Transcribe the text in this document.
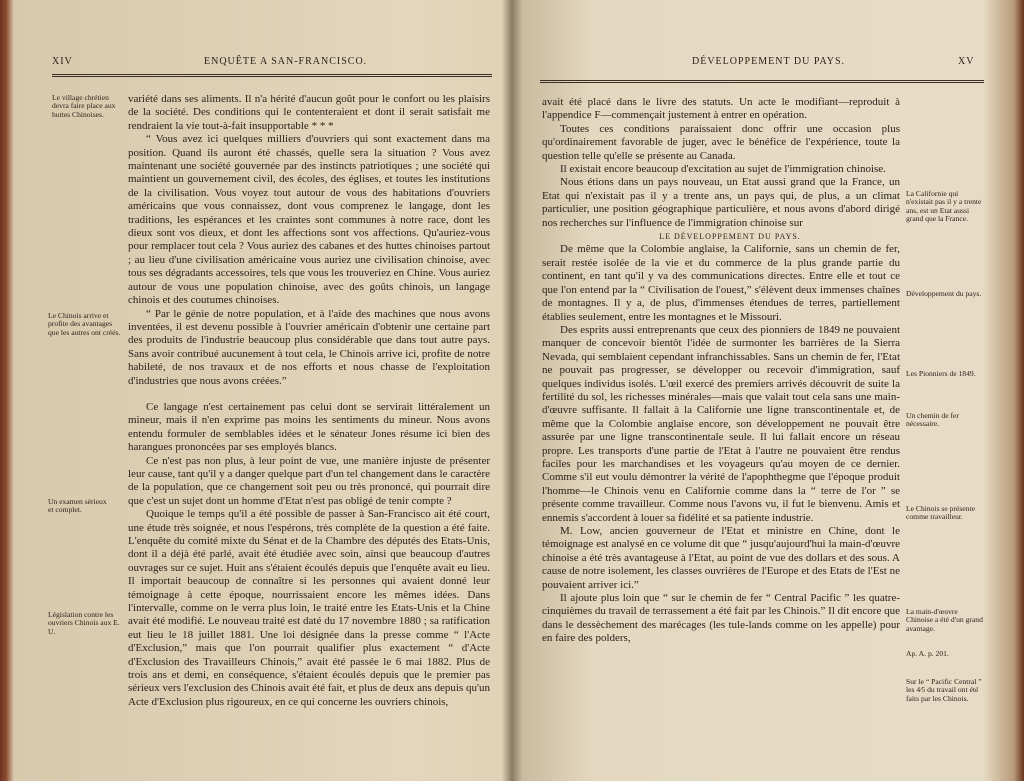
XIV	ENQUÊTE A SAN-FRANCISCO.
Le village chrétien devra faire place aux huttes Chinoises.
Le Chinois arrive et profite des avantages que les autres ont créés.
Un examen sérieux et complet.
Législation contre les ouvriers Chinois aux E. U.

variété dans ses aliments. Il n'a hérité d'aucun goût pour le confort ou les plaisirs de la société. Des conditions qui le contenteraient et dont il serait satisfait me rendraient la vie tout-à-fait insupportable * * *

“ Vous avez ici quelques milliers d'ouvriers qui sont exactement dans ma position. Quand ils auront été chassés, quelle sera la situation ? Vous avez maintenant une société gouvernée par des instincts patriotiques ; une société qui maintient un gouvernement civil, des écoles, des églises, et toutes les institutions de la civilisation. Vous voyez tout autour de vous des habitations d'ouvriers américains que vous connaissez, dont vous comprenez le langage, dont les traditions, les espérances et les craintes sont communes à notre race, dont les dieux sont vos dieux, et dont les affections sont vos affections. Qu'auriez-vous pour remplacer tout cela ? Vous auriez des cabanes et des huttes chinoises partout ; au lieu d'une civilisation américaine vous auriez une civilisation chinoise, avec tous ses dégradants accessoires, tels que vous les trouveriez en Chine. Vous auriez autour de vous une population chinoise, avec des goûts chinois, un langage chinois et des coutumes chinoises.

“ Par le génie de notre population, et à l'aide des machines que nous avons inventées, il est devenu possible à l'ouvrier américain d'obtenir une certaine part des produits de l'industrie beaucoup plus considérable que dans tout autre pays. Sans avoir contribué aucunement à tout cela, le Chinois arrive ici, profite de notre habileté, de nos travaux et de nos efforts et nous chasse de l'exploitation d'industries que nous avons créées.”

Ce langage n'est certainement pas celui dont se servirait littéralement un mineur, mais il n'en exprime pas moins les sentiments du mineur. Nous avons entendu formuler de semblables idées et le sénateur Jones résume ici bien des harangues prononcées par ses employés blancs.

Ce n'est pas non plus, à leur point de vue, une manière injuste de présenter leur cause, tant qu'il y a danger quelque part d'un tel changement dans le caractère de la population, que ce changement soit peu ou très prononcé, qui pourrait dire que c'est un sujet dont un homme d'Etat n'est pas obligé de tenir compte ?

Quoique le temps qu'il a été possible de passer à San-Francisco ait été court, une étude très soignée, et nous l'espérons, très complète de la question a été faite. L'enquête du comité mixte du Sénat et de la Chambre des députés des Etats-Unis, dont il a déjà été parlé, avait été étudiée avec soin, ainsi que beaucoup d'autres ouvrages sur ce sujet. Huit ans s'étaient écoulés depuis que l'enquête avait eu lieu. Il importait beaucoup de connaître si les personnes qui avaient donné leur témoignage à cette époque, nourrissaient encore les mêmes idées. Dans l'intervalle, comme on le verra plus loin, le traité entre les Etats-Unis et la Chine avait été modifié. Le nouveau traité est daté du 17 novembre 1880 ; sa ratification eut lieu le 18 juillet 1881. Une loi désignée dans la presse comme “ l'Acte d'Exclusion,” mais que l'on pourrait qualifier plus exactement “ d'Acte d'Exclusion des Travailleurs Chinois,” avait été passée le 6 mai 1882. Plus de trois ans et demi, en conséquence, s'étaient écoulés depuis que le premier pas sérieux vers l'exclusion des Chinois avait été fait, et plus de deux ans depuis qu'un Acte d'Exclusion plus rigoureux, en ce qui concerne les ouvriers chinois,

DÉVELOPPEMENT DU PAYS.	XV

avait été placé dans le livre des statuts. Un acte le modifiant—reproduit à l'appendice F—commençait justement à entrer en opération.

Toutes ces conditions paraissaient donc offrir une occasion plus qu'ordinairement favorable de juger, avec le bénéfice de l'expérience, toute la question telle qu'elle se présente au Canada.

Il existait encore beaucoup d'excitation au sujet de l'immigration chinoise.

Nous étions dans un pays nouveau, un Etat aussi grand que la France, un Etat qui n'existait pas il y a trente ans, un pays qui, de plus, a un climat particulier, une position géographique particulière, et nous avons d'abord dirigé nos recherches sur l'influence de l'immigration chinoise sur

LE DÉVELOPPEMENT DU PAYS.

De même que la Colombie anglaise, la Californie, sans un chemin de fer, serait restée isolée de la vie et du commerce de la plus grande partie du continent, en tant qu'il y va des communications directes. Entre elle et tout ce que l'on entend par la “ Civilisation de l'ouest,” s'élèvent deux immenses chaînes de montagnes. Il y a, de plus, d'immenses étendues de terres, partiellement établies seulement, entre les montagnes et le Missouri.

Des esprits aussi entreprenants que ceux des pionniers de 1849 ne pouvaient manquer de concevoir bientôt l'idée de surmonter les barrières de la Sierra Nevada, qui semblaient cependant infranchissables. Sans un chemin de fer, l'Etat ne pouvait pas progresser, se développer ou recevoir d'immigration, sauf quelques individus isolés. L'œil exercé des premiers arrivés découvrit de suite la fertilité du sol, les richesses minérales—mais que valait tout cela sans une main-d'œuvre suffisante. Il fallait à la Californie une ligne transcontinentale et, de même que la Colombie anglaise encore, son développement ne pouvait être assurée par une ligne transcontinentale seule. Il lui fallait encore un réseau propre. Les transports d'une partie de l'Etat à l'autre ne pouvaient être rendus faciles pour les marchandises et les voyageurs qu'au moyen de ce dernier. Comme s'il eut voulu démontrer la vérité de l'apophthegme que l'époque produit l'homme—le Chinois venu en Californie comme dans la “ terre de l'or ” se présente comme travailleur. Comme nous l'avons vu, il fut le bienvenu. Amis et ennemis s'accordent à louer sa fidélité et sa patiente industrie.

M. Low, ancien gouverneur de l'Etat et ministre en Chine, dont le témoignage est analysé en ce volume dit que “ jusqu'aujourd'hui la main-d'œuvre chinoise a été très avantageuse à l'Etat, au point de vue des dollars et des sous. A cause de notre isolement, les classes ouvrières de l'Europe et des Etats de l'Est ne pouvaient arriver ici.”

Il ajoute plus loin que “ sur le chemin de fer “ Central Pacific ” les quatre-cinquièmes du travail de terrassement a été fait par les Chinois.” Il dit encore que dans le dessèchement des marécages (les tule-lands comme on les appelle) pour en faire des polders,

La Californie qui n'existait pas il y a trente ans, est un Etat aussi grand que la France.
Développement du pays.
Les Pionniers de 1849.
Un chemin de fer nécessaire.
Le Chinois se présente comme travailleur.
La main-d'œuvre Chinoise a été d'un grand avantage.
Ap. A. p. 201.
Sur le “ Pacific Central ” les 4⁄5 du travail ont été faits par les Chinois.
